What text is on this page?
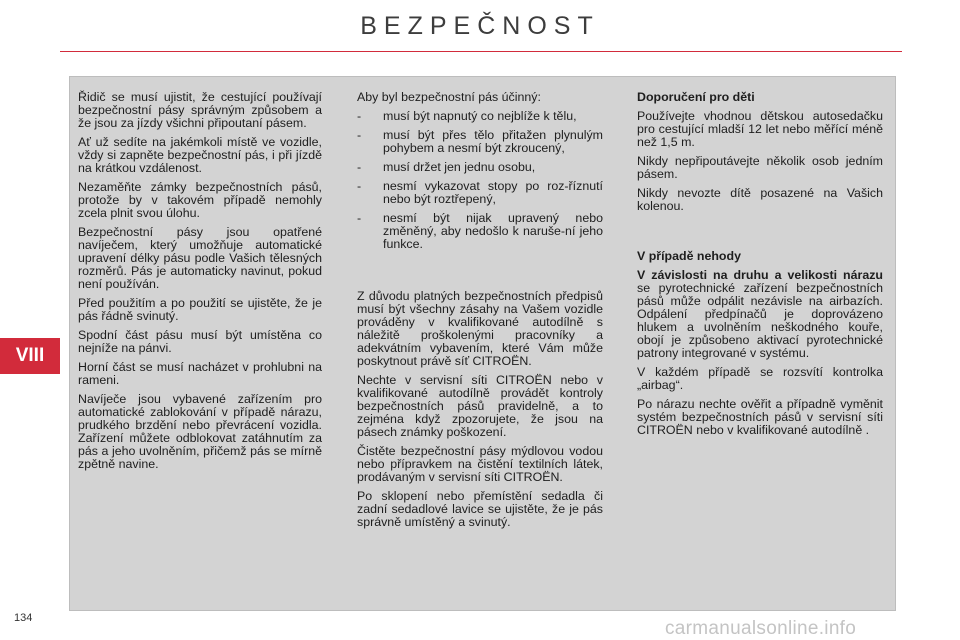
BEZPEČNOST
VIII

Řidič se musí ujistit, že cestující používají bezpečnostní pásy správným způsobem a že jsou za jízdy všichni připoutaní pásem.

Ať už sedíte na jakémkoli místě ve vozidle, vždy si zapněte bezpečnostní pás, i při jízdě na krátkou vzdálenost.

Nezaměňte zámky bezpečnostních pásů, protože by v takovém případě nemohly zcela plnit svou úlohu.

Bezpečnostní pásy jsou opatřené navíječem, který umožňuje automatické upravení délky pásu podle Vašich tělesných rozměrů. Pás je automaticky navinut, pokud není používán.

Před použitím a po použití se ujistěte, že je pás řádně svinutý.

Spodní část pásu musí být umístěna co nejníže na pánvi.

Horní část se musí nacházet v prohlubni na rameni.

Navíječe jsou vybavené zařízením pro automatické zablokování v případě nárazu, prudkého brzdění nebo převrácení vozidla. Zařízení můžete odblokovat zatáhnutím za pás a jeho uvolněním, přičemž pás se mírně zpětně navine.

Aby byl bezpečnostní pás účinný:

- musí být napnutý co nejblíže k tělu,
- musí být přes tělo přitažen plynulým pohybem a nesmí být zkroucený,
- musí držet jen jednu osobu,
- nesmí vykazovat stopy po roz-říznutí nebo být roztřepený,
- nesmí být nijak upravený nebo změněný, aby nedošlo k naruše-ní jeho funkce.

Z důvodu platných bezpečnostních předpisů musí být všechny zásahy na Vašem vozidle prováděny v kvalifikované autodílně s náležitě proškolenými pracovníky a adekvátním vybavením, které Vám může poskytnout právě síť CITROËN.

Nechte v servisní síti CITROËN nebo v kvalifikované autodílně provádět kontroly bezpečnostních pásů pravidelně, a to zejména když zpozorujete, že jsou na pásech známky poškození.

Čistěte bezpečnostní pásy mýdlovou vodou nebo přípravkem na čistění textilních látek, prodávaným v servisní síti CITROËN.

Po sklopení nebo přemístění sedadla či zadní sedadlové lavice se ujistěte, že je pás správně umístěný a svinutý.

Doporučení pro děti

Používejte vhodnou dětskou autosedačku pro cestující mladší 12 let nebo měřící méně než 1,5 m.

Nikdy nepřipoutávejte několik osob jedním pásem.

Nikdy nevozte dítě posazené na Vašich kolenou.

V případě nehody

V závislosti na druhu a velikosti nárazu se pyrotechnické zařízení bezpečnostních pásů může odpálit nezávisle na airbazích. Odpálení předpínačů je doprovázeno hlukem a uvolněním neškodného kouře, obojí je způsobeno aktivací pyrotechnické patrony integrované v systému.

V každém případě se rozsvítí kontrolka „airbag“.

Po nárazu nechte ověřit a případně vyměnit systém bezpečnostních pásů v servisní síti CITROËN nebo v kvalifikované autodílně .

134	carmanualsonline.info
